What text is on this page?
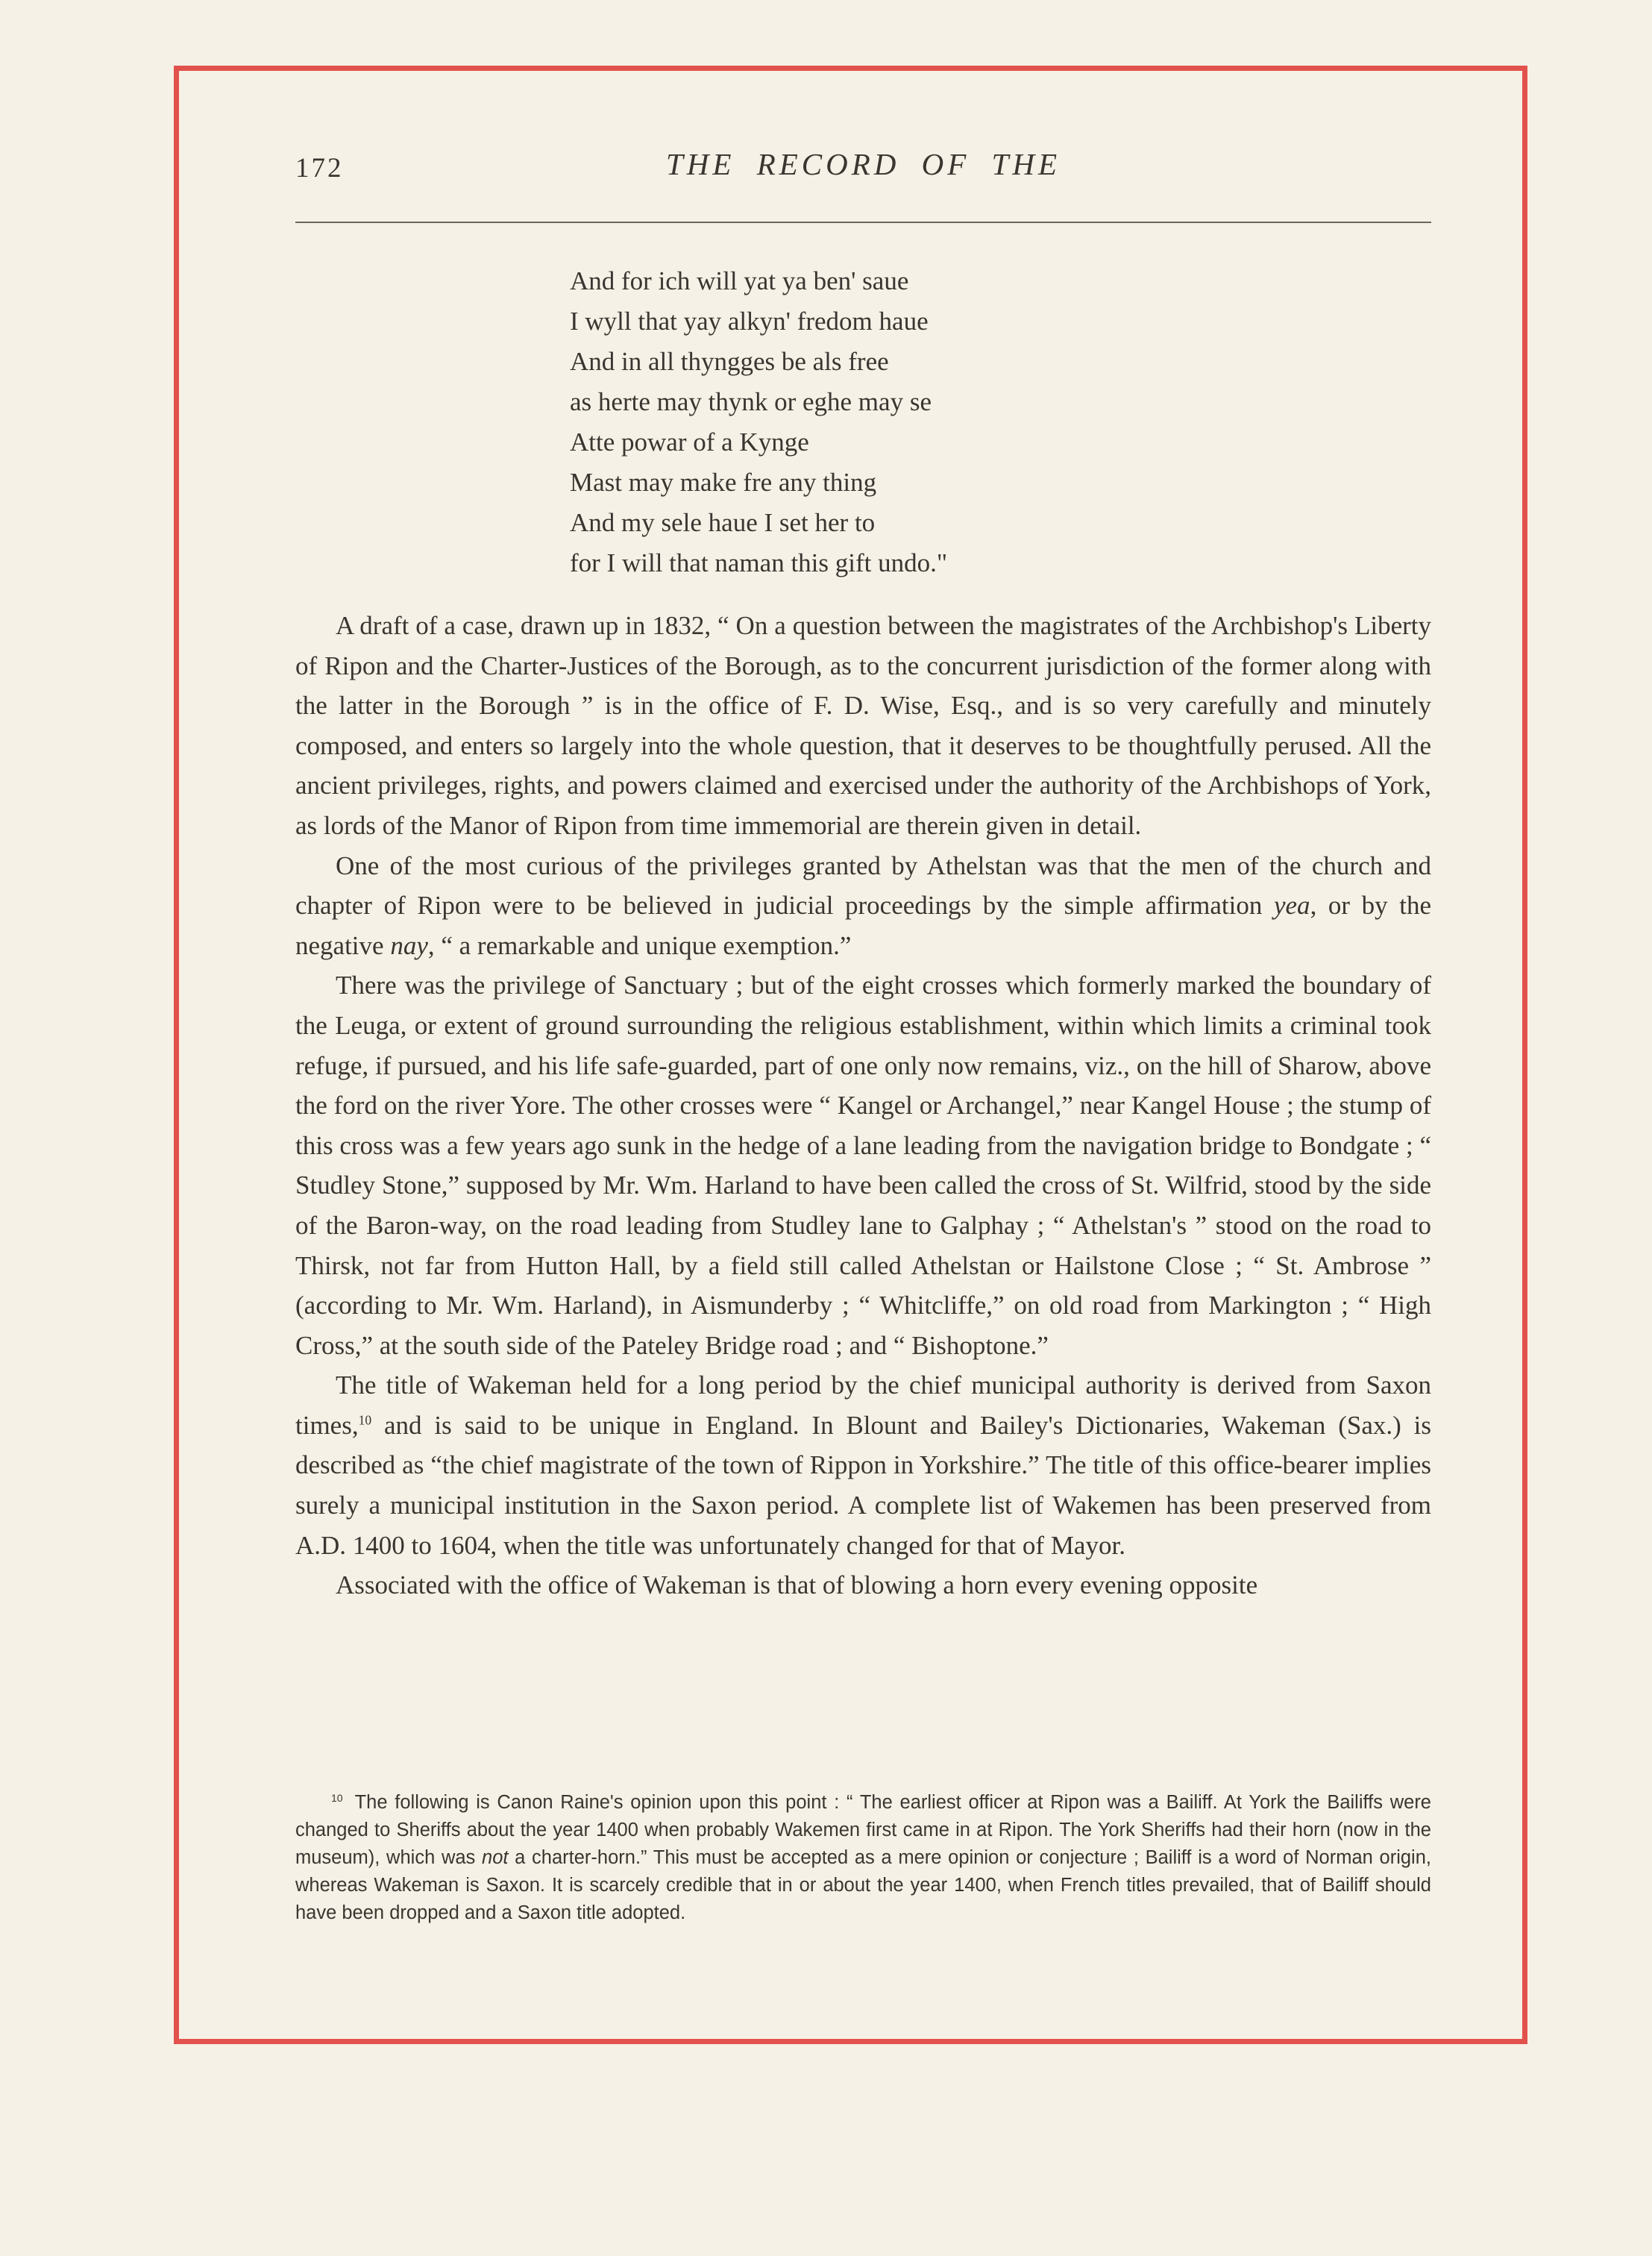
172	THE RECORD OF THE
And for ich will yat ya ben' saue
I wyll that yay alkyn' fredom haue
And in all thyngges be als free
as herte may thynk or eghe may se
Atte powar of a Kynge
Mast may make fre any thing
And my sele haue I set her to
for I will that naman this gift undo."

A draft of a case, drawn up in 1832, “ On a question between the magistrates of the Archbishop's Liberty of Ripon and the Charter-Justices of the Borough, as to the concurrent jurisdiction of the former along with the latter in the Borough ” is in the office of F. D. Wise, Esq., and is so very carefully and minutely composed, and enters so largely into the whole question, that it deserves to be thoughtfully perused. All the ancient privileges, rights, and powers claimed and exercised under the authority of the Archbishops of York, as lords of the Manor of Ripon from time immemorial are therein given in detail.

One of the most curious of the privileges granted by Athelstan was that the men of the church and chapter of Ripon were to be believed in judicial proceedings by the simple affirmation yea, or by the negative nay, “ a remarkable and unique exemption.”

There was the privilege of Sanctuary ; but of the eight crosses which formerly marked the boundary of the Leuga, or extent of ground surrounding the religious establishment, within which limits a criminal took refuge, if pursued, and his life safe-guarded, part of one only now remains, viz., on the hill of Sharow, above the ford on the river Yore. The other crosses were “ Kangel or Archangel,” near Kangel House ; the stump of this cross was a few years ago sunk in the hedge of a lane leading from the navigation bridge to Bondgate ; “ Studley Stone,” supposed by Mr. Wm. Harland to have been called the cross of St. Wilfrid, stood by the side of the Baron-way, on the road leading from Studley lane to Galphay ; “ Athelstan's ” stood on the road to Thirsk, not far from Hutton Hall, by a field still called Athelstan or Hailstone Close ; “ St. Ambrose ” (according to Mr. Wm. Harland), in Aismunderby ; “ Whitcliffe,” on old road from Markington ; “ High Cross,” at the south side of the Pateley Bridge road ; and “ Bishoptone.”

The title of Wakeman held for a long period by the chief municipal authority is derived from Saxon times,$^{10}$ and is said to be unique in England. In Blount and Bailey's Dictionaries, Wakeman (Sax.) is described as “the chief magistrate of the town of Rippon in Yorkshire.” The title of this office-bearer implies surely a municipal institution in the Saxon period. A complete list of Wakemen has been preserved from A.D. 1400 to 1604, when the title was unfortunately changed for that of Mayor.

Associated with the office of Wakeman is that of blowing a horn every evening opposite

$^{10}$ The following is Canon Raine's opinion upon this point : “ The earliest officer at Ripon was a Bailiff. At York the Bailiffs were changed to Sheriffs about the year 1400 when probably Wakemen first came in at Ripon. The York Sheriffs had their horn (now in the museum), which was not a charter-horn.” This must be accepted as a mere opinion or conjecture ; Bailiff is a word of Norman origin, whereas Wakeman is Saxon. It is scarcely credible that in or about the year 1400, when French titles prevailed, that of Bailiff should have been dropped and a Saxon title adopted.
